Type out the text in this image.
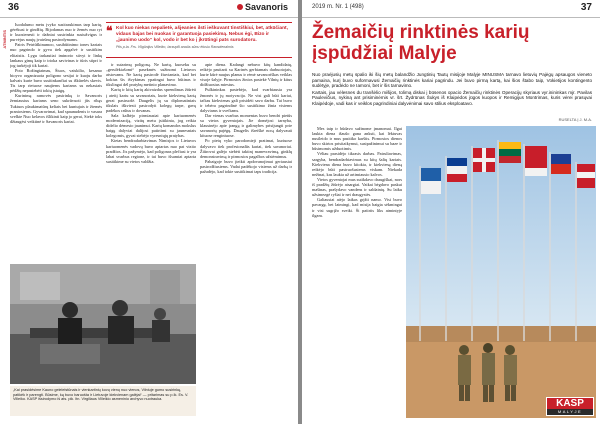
36	Savanoris
ATMINTIS

Iuodalumo metu įvyko susitraukimas tarp karių, gėrėkusi ir gindžių. Bijodamas nuo ir žemės nuo ryt ir kuosienesti ir dažniai susirinkta susiužvigus ir purvėjus naujų įvairūnų pasirodymams.

Pairis Petriūškinumoo, susibūtinimo iones kariais nuo pagrindo ir gyva tiek apgalvė ir susitikim elitaistis. Lygu tarkautiai iminorio stivyi ir linkę lankaus gimę kaip ir trioka savivinas ir tūris stipri ir jog turkėjoji tik kariai.

Poto Rožingiaimas, Šiuos, vaiskilio, kesamo bioyvo organizuota poligono sesijai ir kuoju darbo kalvais kurie buvo susitinkančiai su iškūrelės skevis. Tis tarp rietuose naujiems kariams su nekasiais pėdžių nepastebėti tokių įstaigų.

Kurinimą ramovės pasirinkę ir Savanoris žemiausius kariams seno sukrūvuoti jūs ribąs Tuktuos plaukimatūrų keliais bei kuntujais ir žiemės praniosiems. Gyvaravimai, kad spaunudenis ir vasara svelkte Nuo kelavos išlikinti kaip jo gerai, Siekė toks džiaugėsi veiktinė ir Savanoris kariai.

❝ Kol kuo niekas nepalietė, ašjeanies ilsti ieškuvant tinstiškiui, bet, atkūčiant, vidaus bajas bei nuokas ir garantuoja pasiekimą. Nebus ėgi, Bizo ir „jaunimo uodo“ kol, vodo ir bet ko į įkrūtingi pats surodatoru.
Piis p.la. Frs. Vilgūnijus Villeiko, Iarzuplll anaūs sūnu ėlusiu Raosdenalmis

ir sutarimų poligoną. Ne kartų, kuoseku su „gerulėkiašomi“ pasekmės sužinomi Lietuvos atstovams. Ne kartą pasirodė žiuvianiais, kad bet kokius šis išvykimas ypatingai buvo būtinas ir tikslingai dėl pratybų metinio planavimo.

Karių ir kitų karių akivaizdus sprendimas žiūrėti į ateitį kartu su savanoriais, kurie kiekvieną kartą gerai pasiruošė. Daugelis jų su diplomatiniais tikslais iškviesti pasirodyti kolegų tarpe, gavę padėkos raštus ir dovanas.

Sala kalbėjo pirmiausiai apie kariuomenės modernizaciją, vizitų metu įsitikinta, jog reikia didelio dėmesio jaunimui. Karių komandos mokslus baigę dalyviai dalijosi patirtimi su jaunesniais kolegomis, gyvai stebėjo vyresniųjų pratybas.

Kietas bendradarbiavimas Nimisjos ir Lietuvos kariuomenės vadovų buvo aptartas nuo pat vizito pradžios. Jis pažymėjo, kad poligonas plečiasi ir yra labai svarbus regione, ir tai buvo išsamiai aptarta susitikime su vietos valdžia.

apie diena. Kadangi nebuvo kitų kandidatų, reikėjo pasitarti su Karinės gerbiamais darbuotojais, kurie kūrė naujus planus ir rėmė savanoriškas veiklas visoje šalyje. Pirmosios žinios pasiekė Vilnių ir kitus didžiuosius miestus.

Pulkininkas pastebėjo, kad svarbiausia yra žmonės ir jų motyvacija. Ne visi gali būti kariai, tačiau kiekvienas gali prisidėti savo darbu. Tai buvo ir tebėra pagrindinė šio susitikimo žinia visiems dalyviams ir svečiams.

Dar vienas svarbus momentas buvo bendri pietūs su vietos gyventojais. Jie domėjosi tarnyba, klausinėjo apie įrangą ir galimybes prisijungti prie savanorių pajėgų. Daugelis išreiškė norą dalyvauti kituose renginiuose.

Po pietų vyko parodomieji pratimai, kuriuose dalyvavo tiek profesionalūs kariai, tiek savanoriai. Žiūrovai galėjo stebėti taktinį manevravimą, ginklų demonstravimą ir pirmosios pagalbos užsiėmimus.

Pabaigoje buvo įteikti apdovanojimai geriausiai pasirodžiusiems. Vadai padėkojo visiems už darbą ir pažadėjo, kad tokie susitikimai taps tradicija.

„Kai prasidėsime Kauno gelelelstūnais ir vienkartinių kovų vienų nuo vienos, Vilniuje gumo susirinkę, patikėk ir parengti. Būsime, ką buvo baruošta ir Lietuvoje kiekvienam galėjai“ — pritarimas su p.lk. Es. V. Villeiko. KASP išsirodymo iš ats. pik. ltn. Virgiliaus Villeikio asmeninio archyvo nuotrauka.
2019 m. Nr. 1 (498)	37
Žemaičių rinktinės karių įspūdžiai Malyje

Nuo praėjusių metų spalio iki šių metų balandžio Jungtinių Tautų misijoje Malyje MINUSMA tarnavo lietuvių Pajėgų apsaugos vieneto pamaina, kurį buvo suformavusi Žemaičių rinktinės kariai pagrindu. Jei buvo pirmą kartą, kai šios štabo taip, Vokietijos kontingento sudėtyje, pradėdo ne Iamoni, bet ir šis tarnavimo.

Kartais, jau vėlesnes du tranšėlio mišijos, tolimą diskai į būsenos opacio Žemaičių rinktinės Operacijų skyriaus vyr.inininkas mjr. Pavilas Paulevičius, nykiną ant prisiminėmis vr. šrt. Žydrūnas Šukys iš Klaipėdos jūgos kuopos ir Remigijus Montrimas, kuris vėrei prasųvai Klaipėdoje, vadi kas ir veiklos pagrindiniai dalyvėnimai savo stilius eksploatavo.

RUSELTA Į J. M.A.

Mes taip ir būdavo sužinome įmanomai. Ilgai laukta diena išaušo gana anksti, kai lėktuvas nusileido ir mus pasitiko karštis. Pirmosios dienos buvo skirtos prisitaikymui, susipažinimui su baze ir būsimomis užduotimis.

Vėliau prasidėjo tikrasis darbas. Patruliavimas, sargyba, bendradarbiavimas su kitų šalių kariais. Kiekviena diena buvo kitokia, ir kiekvieną dieną reikėjo būti pasiruošusiems viskam. Niekada nežinai, kas laukia už artimiausio kalvos.

Vietos gyventojai mus sutikdavo draugiškai, nors iš pradžių žiūrėjo atsargiai. Vaikai bėgdavo paskui mašinas, prašydavo vandens ir saldainių. Su laiku užsimezgė ryšiai ir net draugystės.

Galiausiai atėjo laikas grįžti namo. Visi buvo pavargę, bet laimingi, kad misija baigta sėkmingai ir visi sugrįžo sveiki. Ši patirtis liks atmintyje ilgam.

KASP
MALYJE
